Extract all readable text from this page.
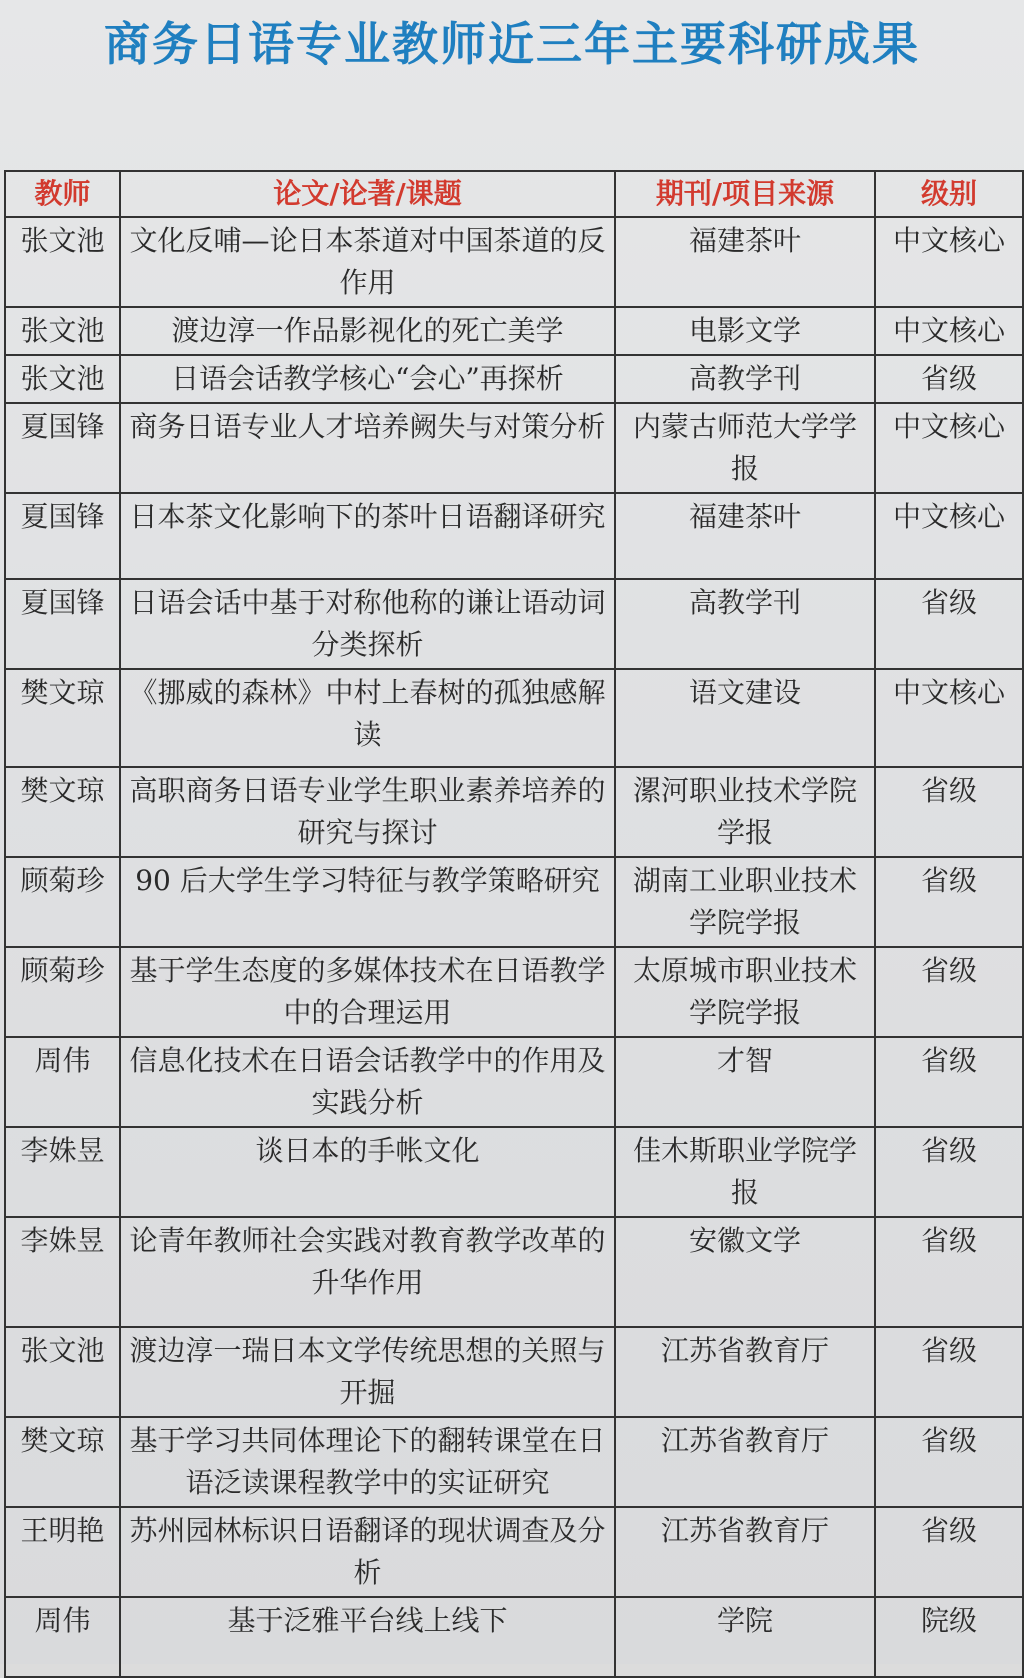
商务日语专业教师近三年主要科研成果
教师	论文/论著/课题	期刊/项目来源	级别
张文池	文化反哺—论日本茶道对中国茶道的反作用	福建茶叶	中文核心
张文池	渡边淳一作品影视化的死亡美学	电影文学	中文核心
张文池	日语会话教学核心“会心”再探析	高教学刊	省级
夏国锋	商务日语专业人才培养阙失与对策分析	内蒙古师范大学学报	中文核心
夏国锋	日本茶文化影响下的茶叶日语翻译研究	福建茶叶	中文核心
夏国锋	日语会话中基于对称他称的谦让语动词分类探析	高教学刊	省级
樊文琼	《挪威的森林》中村上春树的孤独感解读	语文建设	中文核心
樊文琼	高职商务日语专业学生职业素养培养的研究与探讨	漯河职业技术学院学报	省级
顾菊珍	90 后大学生学习特征与教学策略研究	湖南工业职业技术学院学报	省级
顾菊珍	基于学生态度的多媒体技术在日语教学中的合理运用	太原城市职业技术学院学报	省级
周伟	信息化技术在日语会话教学中的作用及实践分析	才智	省级
李姝昱	谈日本的手帐文化	佳木斯职业学院学报	省级
李姝昱	论青年教师社会实践对教育教学改革的升华作用	安徽文学	省级
张文池	渡边淳一瑞日本文学传统思想的关照与开掘	江苏省教育厅	省级
樊文琼	基于学习共同体理论下的翻转课堂在日语泛读课程教学中的实证研究	江苏省教育厅	省级
王明艳	苏州园林标识日语翻译的现状调查及分析	江苏省教育厅	省级
周伟	基于泛雅平台线上线下	学院	院级
